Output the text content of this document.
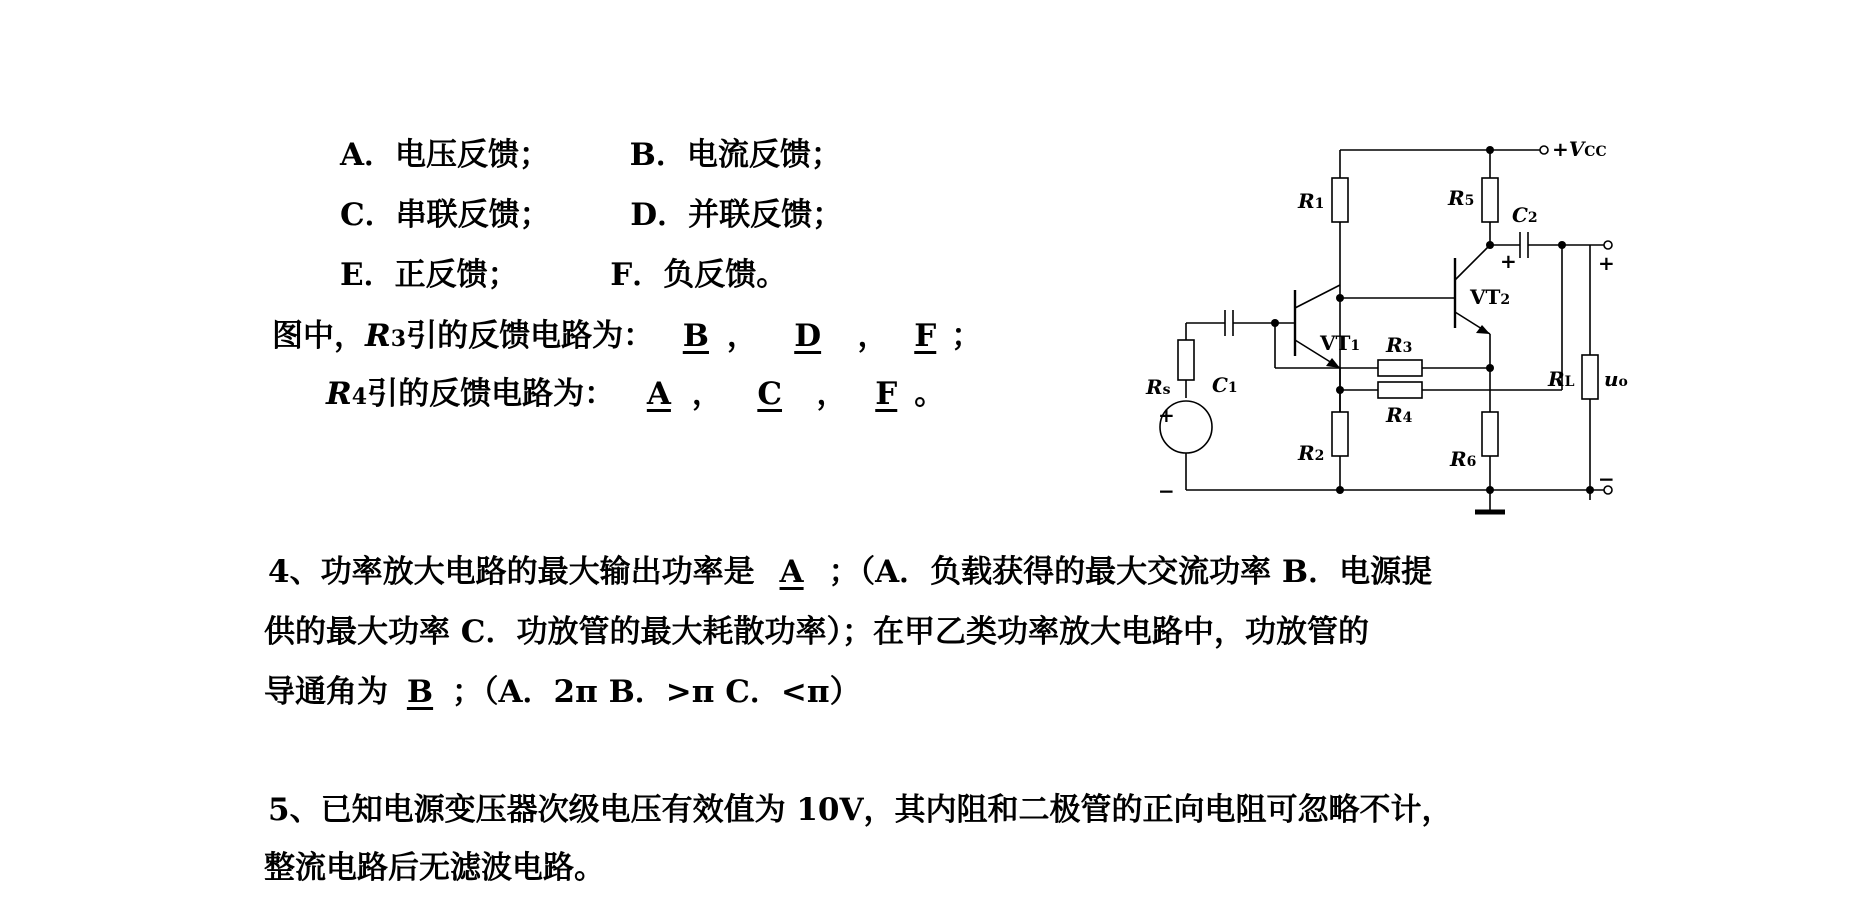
A．电压反馈；	B．电流反馈；
C．串联反馈；	D．并联反馈；
E．正反馈；	F．负反馈。
图中，R3引的反馈电路为： B ， D ， F ；
R4引的反馈电路为： A ， C ， F 。
4、功率放大电路的最大输出功率是 A ；（A．负载获得的最大交流功率 B．电源提
供的最大功率 C．功放管的最大耗散功率）；在甲乙类功率放大电路中，功放管的
导通角为 B ；（A．2π B．>π C．<π）
5、已知电源变压器次级电压有效值为 10V，其内阻和二极管的正向电阻可忽略不计，
整流电路后无滤波电路。
+VCC
R1
R2
R3
R4
R5
R6
Rs	RL
C1
C2
VT1
VT2
uo
+
−
+
−
+
